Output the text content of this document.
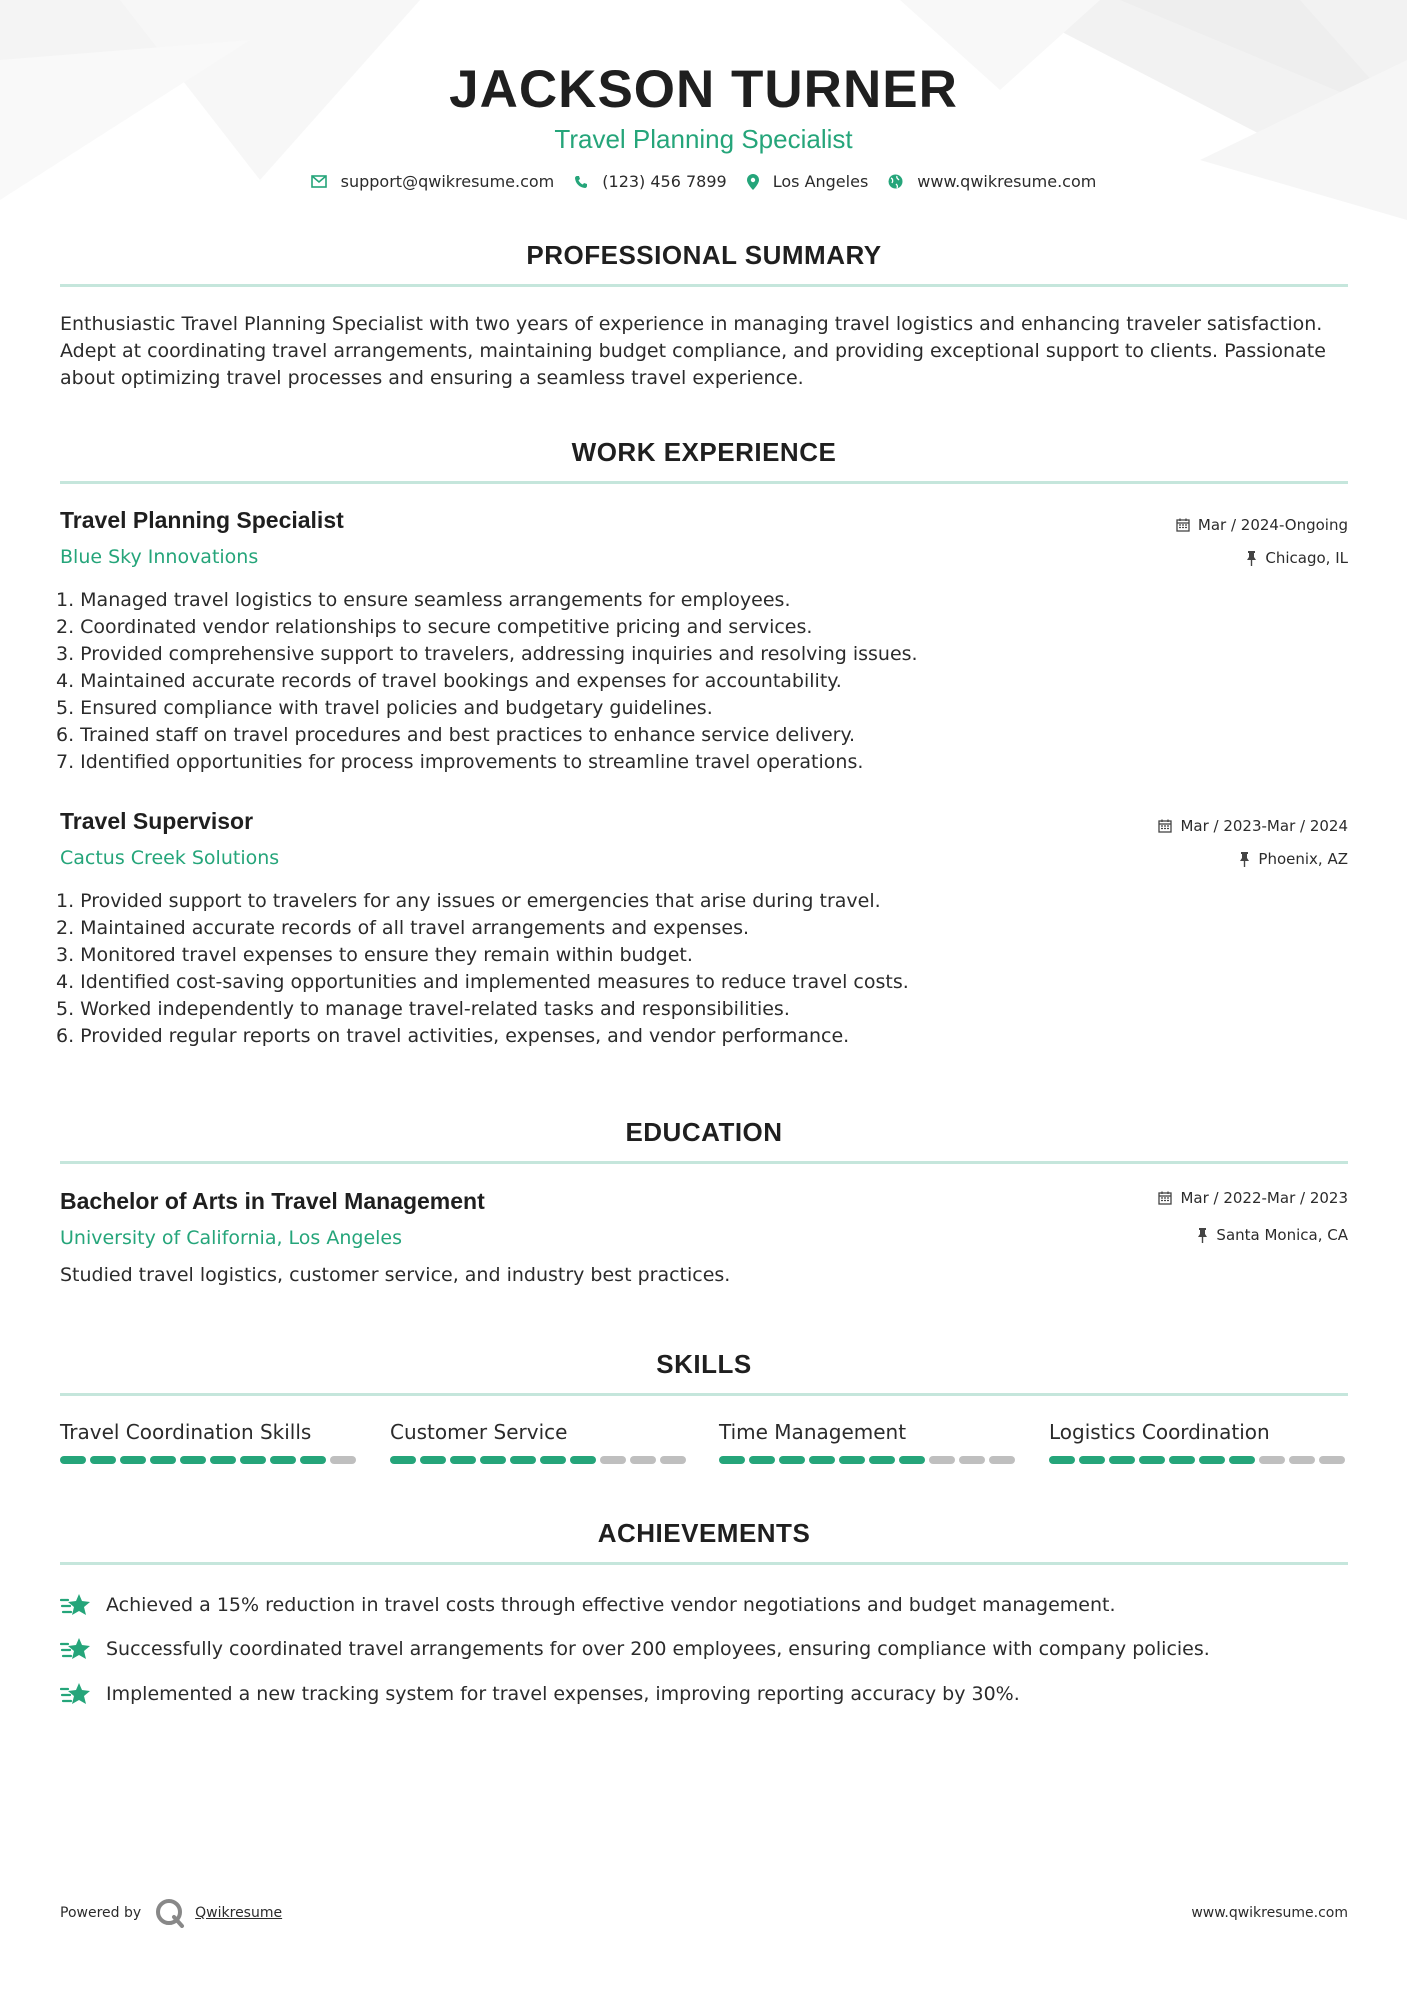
JACKSON TURNER
Travel Planning Specialist
support@qwikresume.com	(123) 456 7899	Los Angeles	www.qwikresume.com
PROFESSIONAL SUMMARY
Enthusiastic Travel Planning Specialist with two years of experience in managing travel logistics and enhancing traveler satisfaction. Adept at coordinating travel arrangements, maintaining budget compliance, and providing exceptional support to clients. Passionate about optimizing travel processes and ensuring a seamless travel experience.
WORK EXPERIENCE
Travel Planning Specialist	Mar / 2024-Ongoing
Blue Sky Innovations	Chicago, IL
1. Managed travel logistics to ensure seamless arrangements for employees.
2. Coordinated vendor relationships to secure competitive pricing and services.
3. Provided comprehensive support to travelers, addressing inquiries and resolving issues.
4. Maintained accurate records of travel bookings and expenses for accountability.
5. Ensured compliance with travel policies and budgetary guidelines.
6. Trained staff on travel procedures and best practices to enhance service delivery.
7. Identified opportunities for process improvements to streamline travel operations.
Travel Supervisor	Mar / 2023-Mar / 2024
Cactus Creek Solutions	Phoenix, AZ
1. Provided support to travelers for any issues or emergencies that arise during travel.
2. Maintained accurate records of all travel arrangements and expenses.
3. Monitored travel expenses to ensure they remain within budget.
4. Identified cost-saving opportunities and implemented measures to reduce travel costs.
5. Worked independently to manage travel-related tasks and responsibilities.
6. Provided regular reports on travel activities, expenses, and vendor performance.
EDUCATION
Bachelor of Arts in Travel Management	Mar / 2022-Mar / 2023
University of California, Los Angeles	Santa Monica, CA
Studied travel logistics, customer service, and industry best practices.
SKILLS
Travel Coordination Skills	Customer Service	Time Management	Logistics Coordination
ACHIEVEMENTS
Achieved a 15% reduction in travel costs through effective vendor negotiations and budget management.
Successfully coordinated travel arrangements for over 200 employees, ensuring compliance with company policies.
Implemented a new tracking system for travel expenses, improving reporting accuracy by 30%.
Powered by	Qwikresume	www.qwikresume.com
